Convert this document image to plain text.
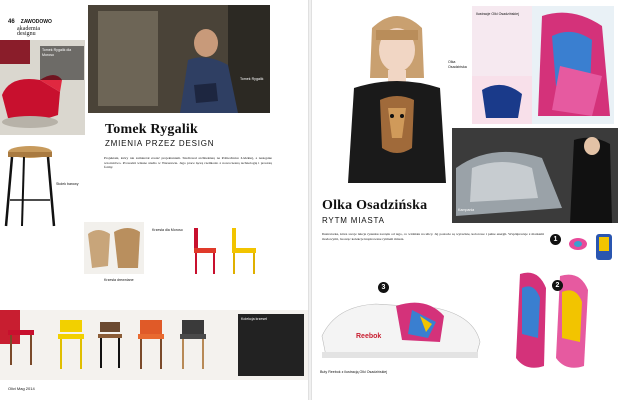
46 ZAWODOWO
akademia
designu
Tomek Rygalik dla Moroso
Tomek Rygalik
Tomek Rygalik
ZMIENIA PRZEZ DESIGN
Projektant, który nie zamierzał zostać projektantem. Studiował architekturę na Politechnice Łódzkiej, a następnie wzornictwo. Prowadzi własne studio w Warszawie. Jego prace łączą rzemiosło z nowoczesną technologią i prostotą formy.
Stołek barowy
Krzesła drewniane
Krzesła dla Moroso
Kolekcja krzeseł
Olivi Mag 2014
Ilustracje Olki Osadzińskiej
Olka Osadzińska
Kampania
Olka Osadzińska
RYTM MIASTA
Ilustratorka, która swoje lekcje rysunku zaczęła od tego, co widziała na ulicy. Jej postacie są wyraziste, kolorowe i pełne energii. Współpracuje z markami modowymi, tworząc kolekcje inspirowane rytmem miasta.
Reebok
1
2
3
Buty Reebok z ilustracją Olki Osadzińskiej
